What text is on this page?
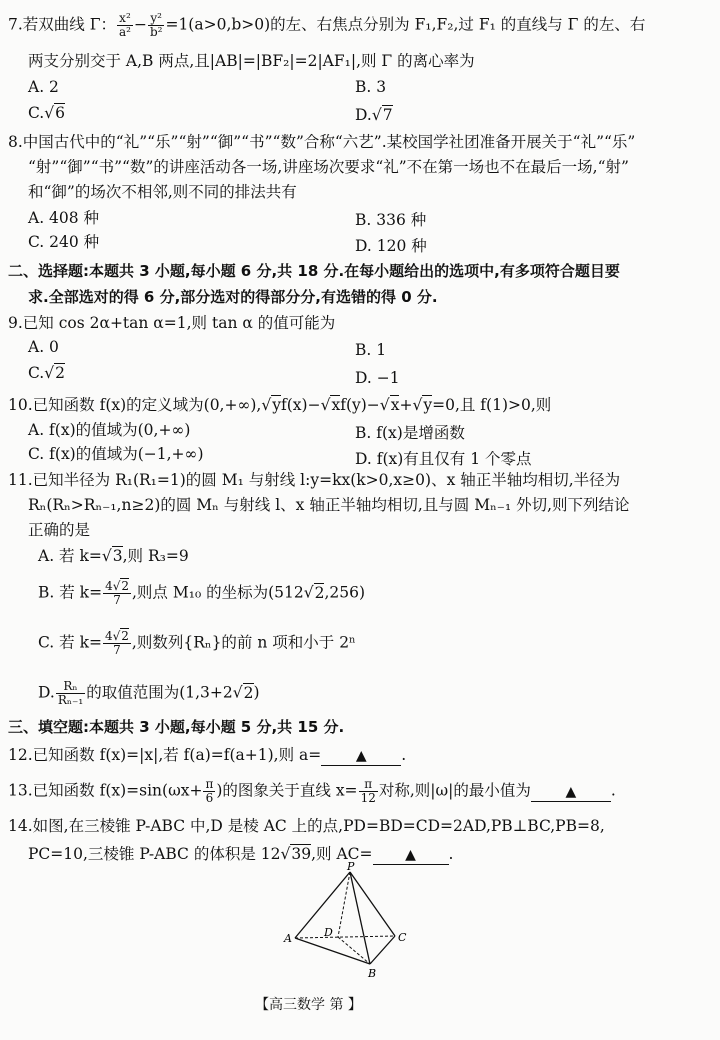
7.若双曲线 Γ： $\frac{\text{x²}}{\text{a²}} - \frac{\text{y²}}{\text{b²}} =1(a>0,b>0)$的左、右焦点分别为 F₁,F₂,过 F₁ 的直线与 Γ 的左、右
两支分别交于 A,B 两点,且|AB|=|BF₂|=2|AF₁|,则 Γ 的离心率为
A. 2	B. 3
C.√6	D.√7
8.中国古代中的“礼”“乐”“射”“御”“书”“数”合称“六艺”.某校国学社团准备开展关于“礼”“乐”
“射”“御”“书”“数”的讲座活动各一场,讲座场次要求“礼”不在第一场也不在最后一场,“射”
和“御”的场次不相邻,则不同的排法共有
A. 408 种	B. 336 种
C. 240 种	D. 120 种
二、选择题:本题共 3 小题,每小题 6 分,共 18 分.在每小题给出的选项中,有多项符合题目要
求.全部选对的得 6 分,部分选对的得部分分,有选错的得 0 分.
9.已知 cos 2α+tan α=1,则 tan α 的值可能为
A. 0	B. 1
C.√2	D. −1
10.已知函数 f(x)的定义域为(0,+∞),√yf(x)−√xf(y)−√x+√y=0,且 f(1)>0,则
A. f(x)的值域为(0,+∞)	B. f(x)是增函数
C. f(x)的值域为(−1,+∞)	D. f(x)有且仅有 1 个零点
11.已知半径为 R₁(R₁=1)的圆 M₁ 与射线 l:y=kx(k>0,x≥0)、x 轴正半轴均相切,半径为
Rₙ(Rₙ>Rₙ₋₁,n≥2)的圆 Mₙ 与射线 l、x 轴正半轴均相切,且与圆 Mₙ₋₁ 外切,则下列结论
正确的是
A. 若 k=√3,则 R₃=9
B. 若 $k= \frac{4√2}{7}$ ,则点 M₁₀ 的坐标为(512√2,256)
C. 若 $k= \frac{4√2}{7}$ ,则数列{Rₙ}的前 n 项和小于 2ⁿ
D. $\frac{\text{Rₙ}}{\text{Rₙ₋₁}}$ 的取值范围为(1,3+2√2)
三、填空题:本题共 3 小题,每小题 5 分,共 15 分.
12.已知函数 f(x)=|x|,若 f(a)=f(a+1),则 a= ▲ .
13.已知函数 $f(x)=\sin(\omega x+ \frac{\pi}{6}$ )的图象关于直线 $x= \frac{\pi}{12}$ 对称,则|ω|的最小值为 ▲ .
14.如图,在三棱锥 P-ABC 中,D 是棱 AC 上的点,PD=BD=CD=2AD,PB⊥BC,PB=8,
PC=10,三棱锥 P-ABC 的体积是 12√39,则 AC= ▲ .
P
A	D	C
B
【高三数学 第 】
